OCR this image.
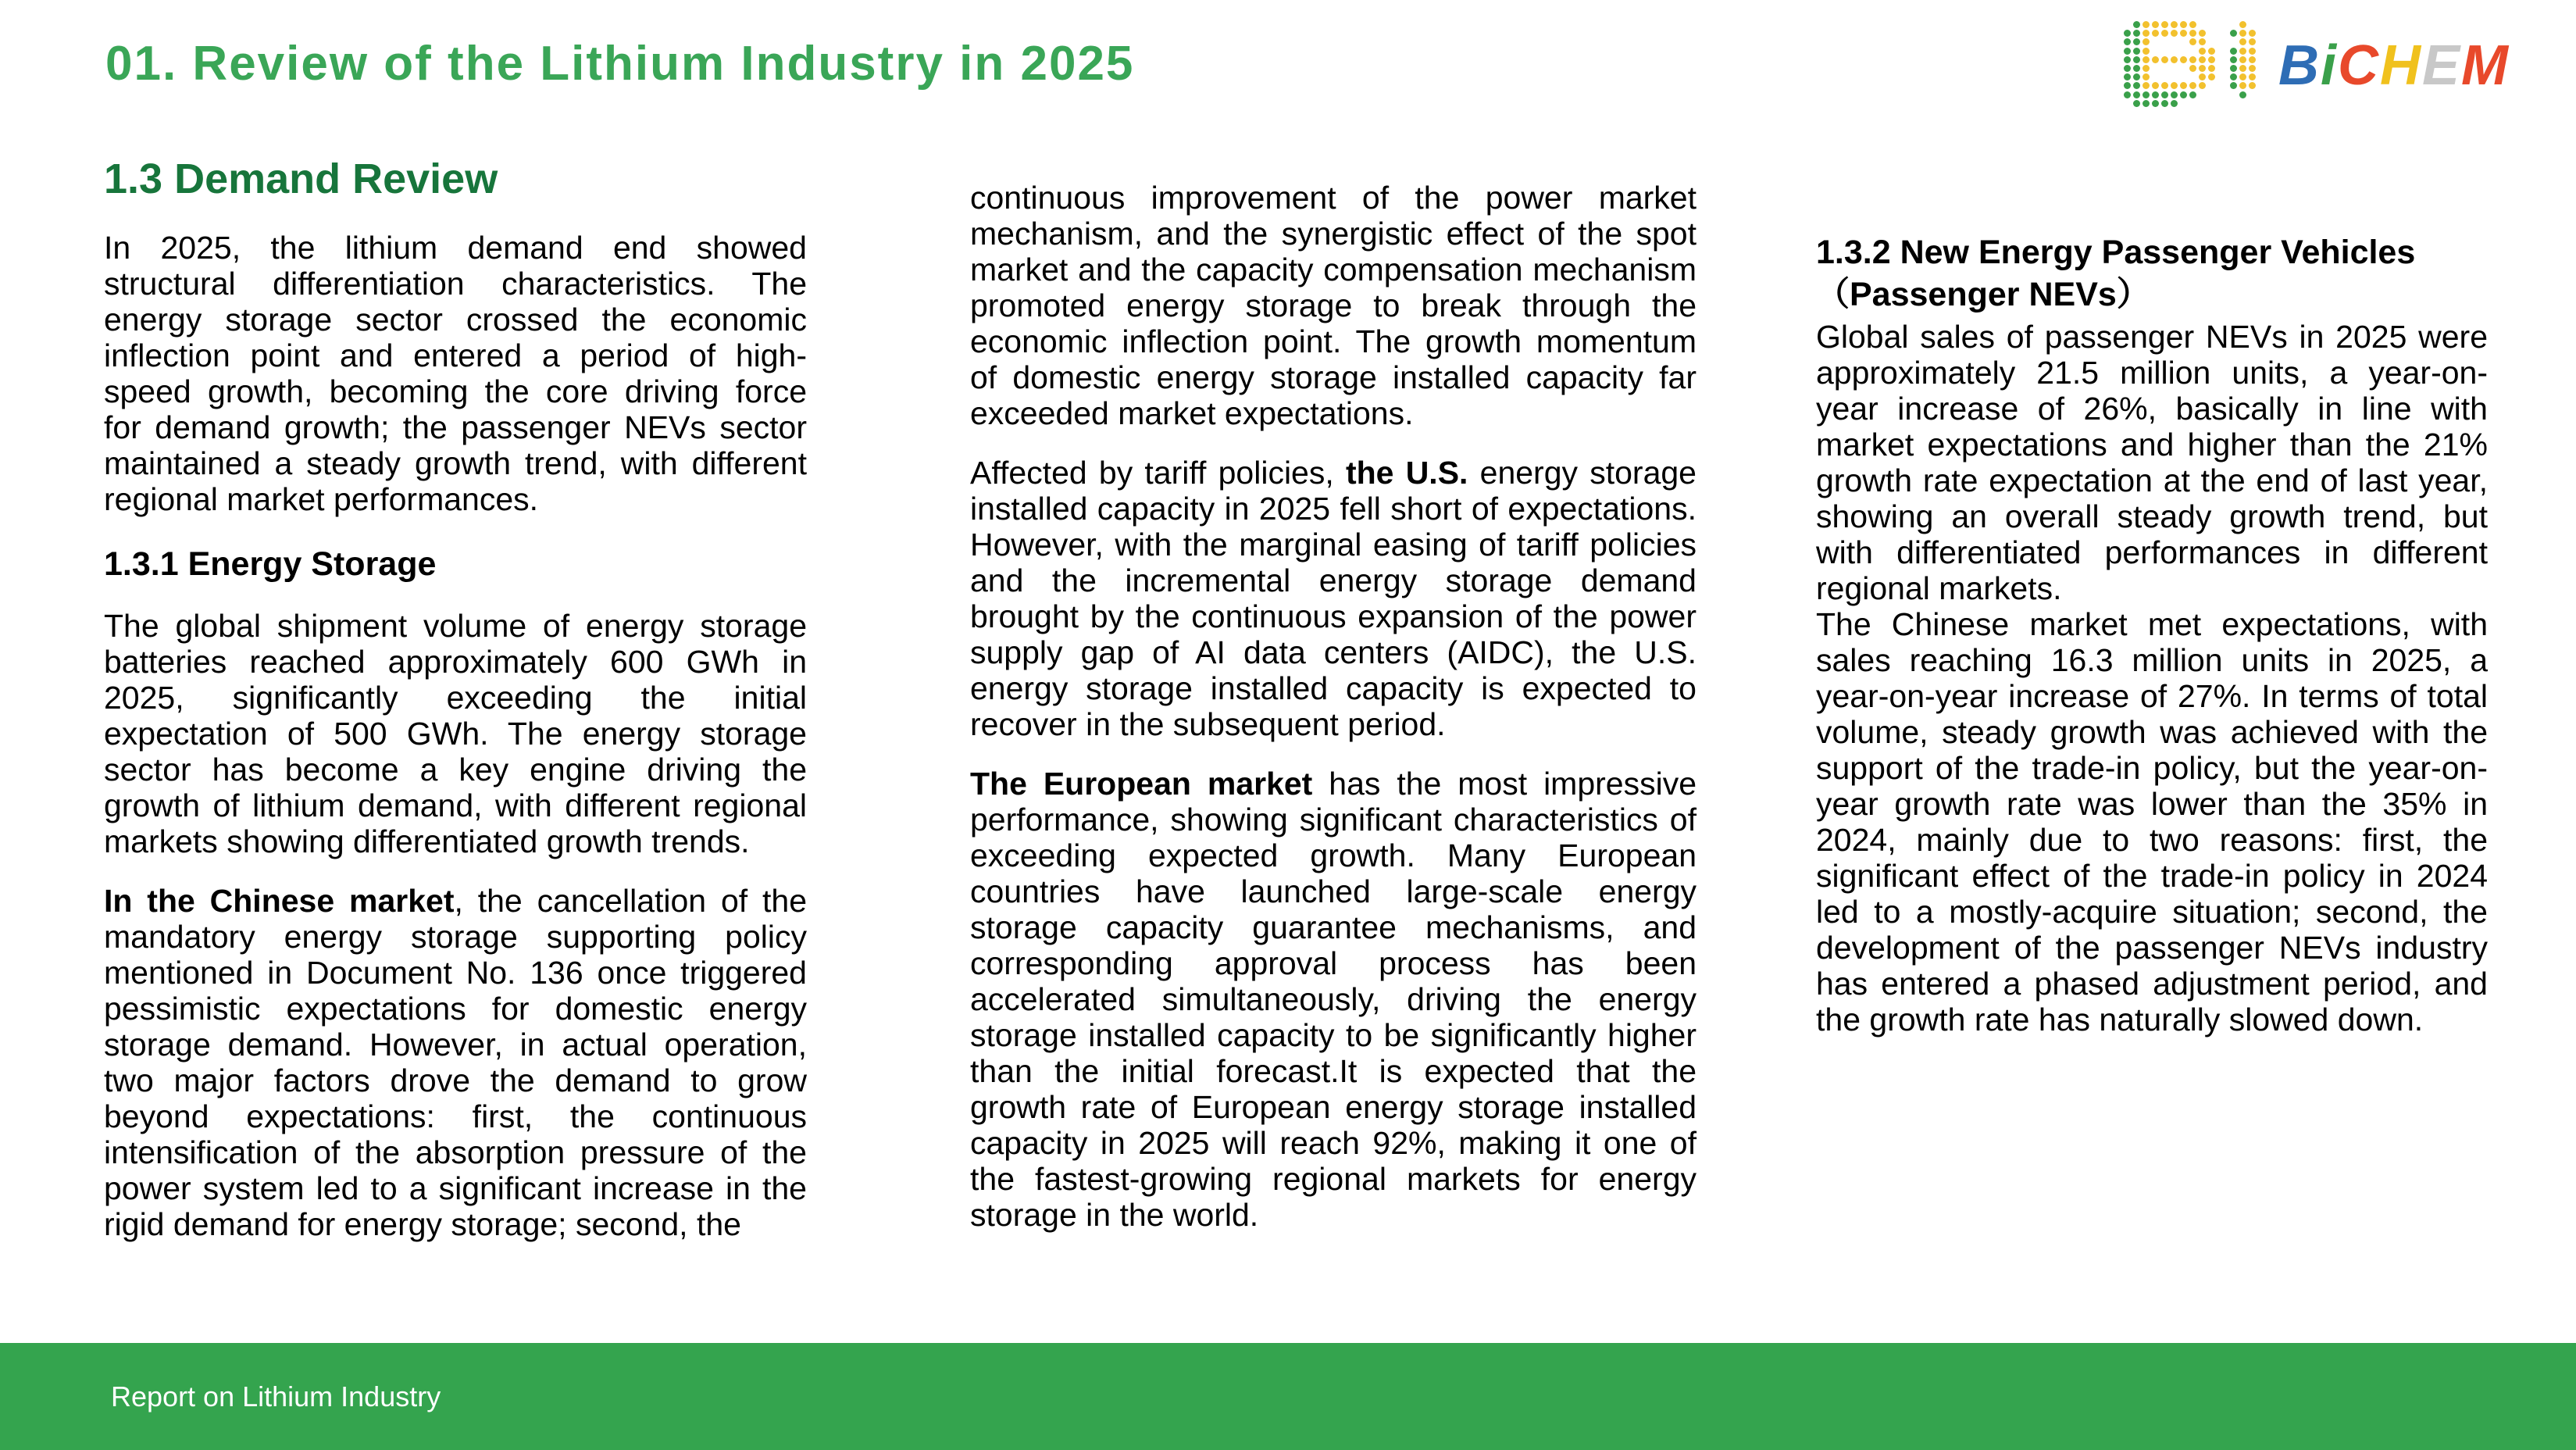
01. Review of the Lithium Industry in 2025	BiCHEM
1.3 Demand Review

In 2025, the lithium demand end showed structural differentiation characteristics. The energy storage sector crossed the economic inflection point and entered a period of high-speed growth, becoming the core driving force for demand growth; the passenger NEVs sector maintained a steady growth trend, with different regional market performances.

1.3.1 Energy Storage

The global shipment volume of energy storage batteries reached approximately 600 GWh in 2025, significantly exceeding the initial expectation of 500 GWh. The energy storage sector has become a key engine driving the growth of lithium demand, with different regional markets showing differentiated growth trends.

In the Chinese market, the cancellation of the mandatory energy storage supporting policy mentioned in Document No. 136 once triggered pessimistic expectations for domestic energy storage demand. However, in actual operation, two major factors drove the demand to grow beyond expectations: first, the continuous intensification of the absorption pressure of the power system led to a significant increase in the rigid demand for energy storage; second, the

continuous improvement of the power market mechanism, and the synergistic effect of the spot market and the capacity compensation mechanism promoted energy storage to break through the economic inflection point. The growth momentum of domestic energy storage installed capacity far exceeded market expectations.

Affected by tariff policies, the U.S. energy storage installed capacity in 2025 fell short of expectations. However, with the marginal easing of tariff policies and the incremental energy storage demand brought by the continuous expansion of the power supply gap of AI data centers (AIDC), the U.S. energy storage installed capacity is expected to recover in the subsequent period.

The European market has the most impressive performance, showing significant characteristics of exceeding expected growth. Many European countries have launched large-scale energy storage capacity guarantee mechanisms, and corresponding approval process has been accelerated simultaneously, driving the energy storage installed capacity to be significantly higher than the initial forecast.It is expected that the growth rate of European energy storage installed capacity in 2025 will reach 92%, making it one of the fastest-growing regional markets for energy storage in the world.

1.3.2 New Energy Passenger Vehicles
（Passenger NEVs）

Global sales of passenger NEVs in 2025 were approximately 21.5 million units, a year-on-year increase of 26%, basically in line with market expectations and higher than the 21% growth rate expectation at the end of last year, showing an overall steady growth trend, but with differentiated performances in different regional markets.

The Chinese market met expectations, with sales reaching 16.3 million units in 2025, a year-on-year increase of 27%. In terms of total volume, steady growth was achieved with the support of the trade-in policy, but the year-on-year growth rate was lower than the 35% in 2024, mainly due to two reasons: first, the significant effect of the trade-in policy in 2024 led to a mostly-acquire situation; second, the development of the passenger NEVs industry has entered a phased adjustment period, and the growth rate has naturally slowed down.

Report on Lithium Industry
